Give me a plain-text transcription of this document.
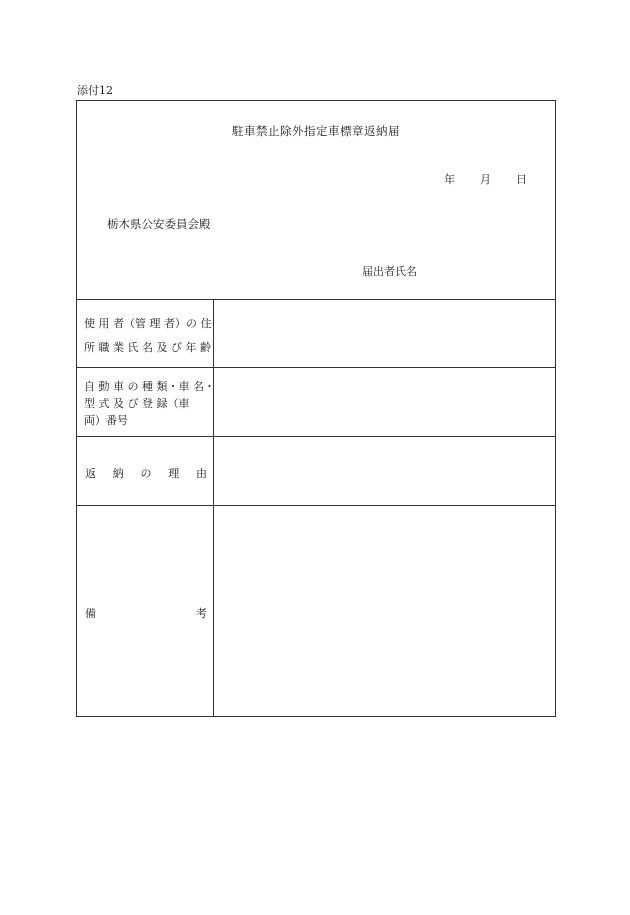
添付12
駐車禁止除外指定車標章返納届
年 月 日
栃木県公安委員会殿
届出者氏名
使 用 者（管 理 者）の 住
所 職 業 氏 名 及 び 年 齢
自 動 車 の 種 類・車 名・
型 式 及 び 登 録（車
両）番号
返 納 の 理 由
備	考
